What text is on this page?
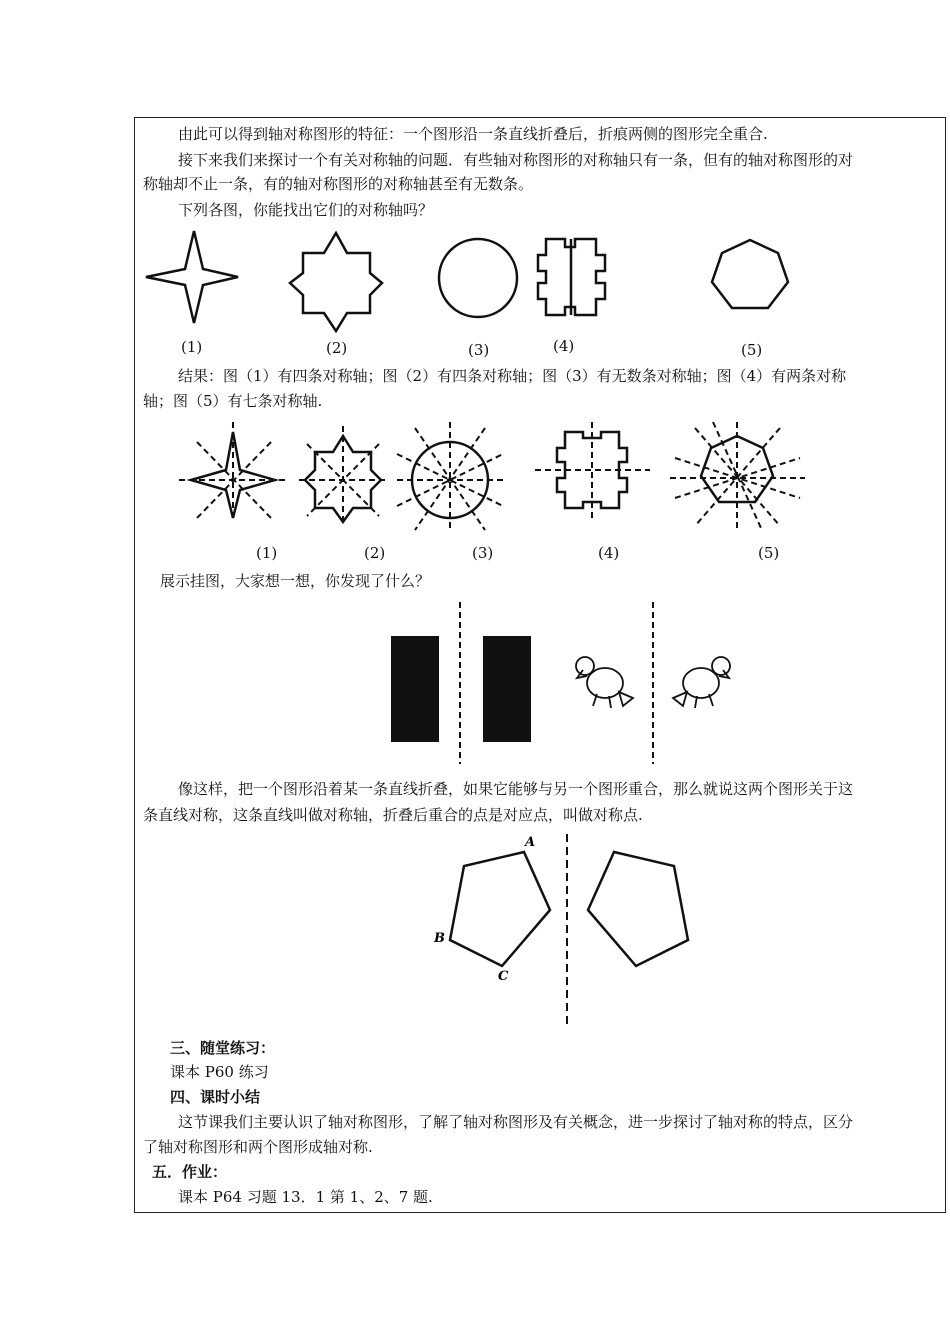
由此可以得到轴对称图形的特征：一个图形沿一条直线折叠后，折痕两侧的图形完全重合.
接下来我们来探讨一个有关对称轴的问题．有些轴对称图形的对称轴只有一条，但有的轴对称图形的对
称轴却不止一条，有的轴对称图形的对称轴甚至有无数条。
下列各图，你能找出它们的对称轴吗？
(1)	(2)	(3)	(4)	(5)
结果：图（1）有四条对称轴；图（2）有四条对称轴；图（3）有无数条对称轴；图（4）有两条对称
轴；图（5）有七条对称轴.
(1)	(2)	(3)	(4)	(5)
展示挂图，大家想一想，你发现了什么？
像这样，把一个图形沿着某一条直线折叠，如果它能够与另一个图形重合，那么就说这两个图形关于这
条直线对称，这条直线叫做对称轴，折叠后重合的点是对应点，叫做对称点.
A
B
C
三、随堂练习：
课本 P60 练习
四、课时小结
这节课我们主要认识了轴对称图形，了解了轴对称图形及有关概念，进一步探讨了轴对称的特点，区分
了轴对称图形和两个图形成轴对称.
五．作业：
课本 P64 习题 13．1 第 1、2、7 题.
